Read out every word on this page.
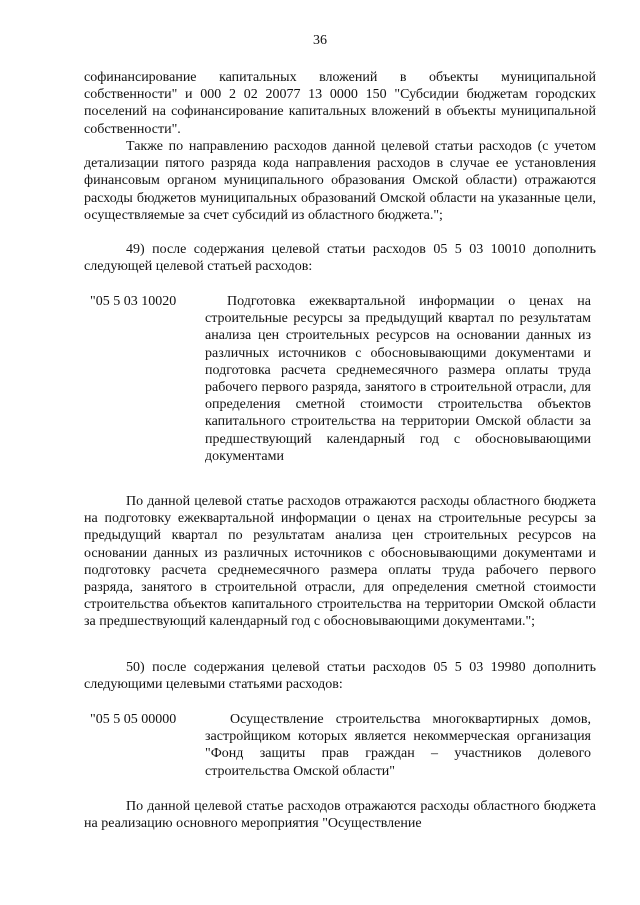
36

софинансирование капитальных вложений в объекты муниципальной собственности" и 000 2 02 20077 13 0000 150 "Субсидии бюджетам городских поселений на софинансирование капитальных вложений в объекты муниципальной собственности".

Также по направлению расходов данной целевой статьи расходов (с учетом детализации пятого разряда кода направления расходов в случае ее установления финансовым органом муниципального образования Омской области) отражаются расходы бюджетов муниципальных образований Омской области на указанные цели, осуществляемые за счет субсидий из областного бюджета.";

49) после содержания целевой статьи расходов 05 5 03 10010 дополнить следующей целевой статьей расходов:

"05 5 03 10020	Подготовка ежеквартальной информации о ценах на строительные ресурсы за предыдущий квартал по результатам анализа цен строительных ресурсов на основании данных из различных источников с обосновывающими документами и подготовка расчета среднемесячного размера оплаты труда рабочего первого разряда, занятого в строительной отрасли, для определения сметной стоимости строительства объектов капитального строительства на территории Омской области за предшествующий календарный год с обосновывающими документами

По данной целевой статье расходов отражаются расходы областного бюджета на подготовку ежеквартальной информации о ценах на строительные ресурсы за предыдущий квартал по результатам анализа цен строительных ресурсов на основании данных из различных источников с обосновывающими документами и подготовку расчета среднемесячного размера оплаты труда рабочего первого разряда, занятого в строительной отрасли, для определения сметной стоимости строительства объектов капитального строительства на территории Омской области за предшествующий календарный год с обосновывающими документами.";

50) после содержания целевой статьи расходов 05 5 03 19980 дополнить следующими целевыми статьями расходов:

"05 5 05 00000	Осуществление строительства многоквартирных домов, застройщиком которых является некоммерческая организация "Фонд защиты прав граждан – участников долевого строительства Омской области"

По данной целевой статье расходов отражаются расходы областного бюджета на реализацию основного мероприятия "Осуществление
